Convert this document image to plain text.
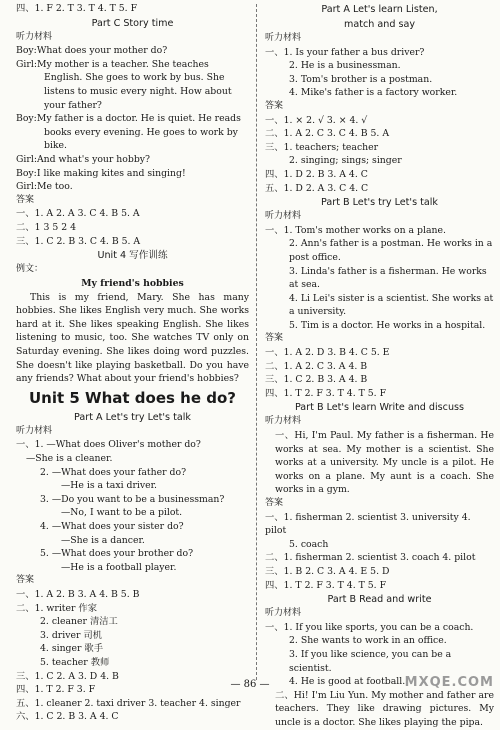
四、1. F 2. T 3. T 4. T 5. F
Part C Story time
听力材料
Boy:What does your mother do?
Girl:My mother is a teacher. She teaches English. She goes to work by bus. She listens to music every night. How about your father?
Boy:My father is a doctor. He is quiet. He reads books every evening. He goes to work by bike.
Girl:And what's your hobby?
Boy:I like making kites and singing!
Girl:Me too.
答案
一、1. A 2. A 3. C 4. B 5. A
二、1 3 5 2 4
三、1. C 2. B 3. C 4. B 5. A
Unit 4 写作训练
例文：
My friend's hobbies
This is my friend, Mary. She has many hobbies. She likes English very much. She works hard at it. She likes speaking English. She likes listening to music, too. She watches TV only on Saturday evening. She likes doing word puzzles. She doesn't like playing basketball. Do you have any friends? What about your friend's hobbies?
Unit 5 What does he do?
Part A Let's try Let's talk
听力材料
一、1. —What does Oliver's mother do?
—She is a cleaner.
2. —What does your father do?
—He is a taxi driver.
3. —Do you want to be a businessman?
—No, I want to be a pilot.
4. —What does your sister do?
—She is a dancer.
5. —What does your brother do?
—He is a football player.
答案
一、1. A 2. B 3. A 4. B 5. B
二、1. writer 作家
2. cleaner 清洁工
3. driver 司机
4. singer 歌手
5. teacher 教师
三、1. C 2. A 3. D 4. B
四、1. T 2. F 3. F
五、1. cleaner 2. taxi driver 3. teacher 4. singer
六、1. C 2. B 3. A 4. C
Part A Let's learn Listen,
match and say
听力材料
一、1. Is your father a bus driver?
2. He is a businessman.
3. Tom's brother is a postman.
4. Mike's father is a factory worker.
答案
一、1. × 2. √ 3. × 4. √
二、1. A 2. C 3. C 4. B 5. A
三、1. teachers; teacher
2. singing; sings; singer
四、1. D 2. B 3. A 4. C
五、1. D 2. A 3. C 4. C
Part B Let's try Let's talk
听力材料
一、1. Tom's mother works on a plane.
2. Ann's father is a postman. He works in a post office.
3. Linda's father is a fisherman. He works at sea.
4. Li Lei's sister is a scientist. She works at a university.
5. Tim is a doctor. He works in a hospital.
答案
一、1. A 2. D 3. B 4. C 5. E
二、1. A 2. C 3. A 4. B
三、1. C 2. B 3. A 4. B
四、1. T 2. F 3. T 4. T 5. F
Part B Let's learn Write and discuss
听力材料
一、Hi, I'm Paul. My father is a fisherman. He works at sea. My mother is a scientist. She works at a university. My uncle is a pilot. He works on a plane. My aunt is a coach. She works in a gym.
答案
一、1. fisherman 2. scientist 3. university 4. pilot
5. coach
二、1. fisherman 2. scientist 3. coach 4. pilot
三、1. B 2. C 3. A 4. E 5. D
四、1. T 2. F 3. T 4. T 5. F
Part B Read and write
听力材料
一、1. If you like sports, you can be a coach.
2. She wants to work in an office.
3. If you like science, you can be a scientist.
4. He is good at football.
二、Hi! I'm Liu Yun. My mother and father are teachers. They like drawing pictures. My uncle is a doctor. She likes playing the pipa.
— 86 —	MXQE.COM
